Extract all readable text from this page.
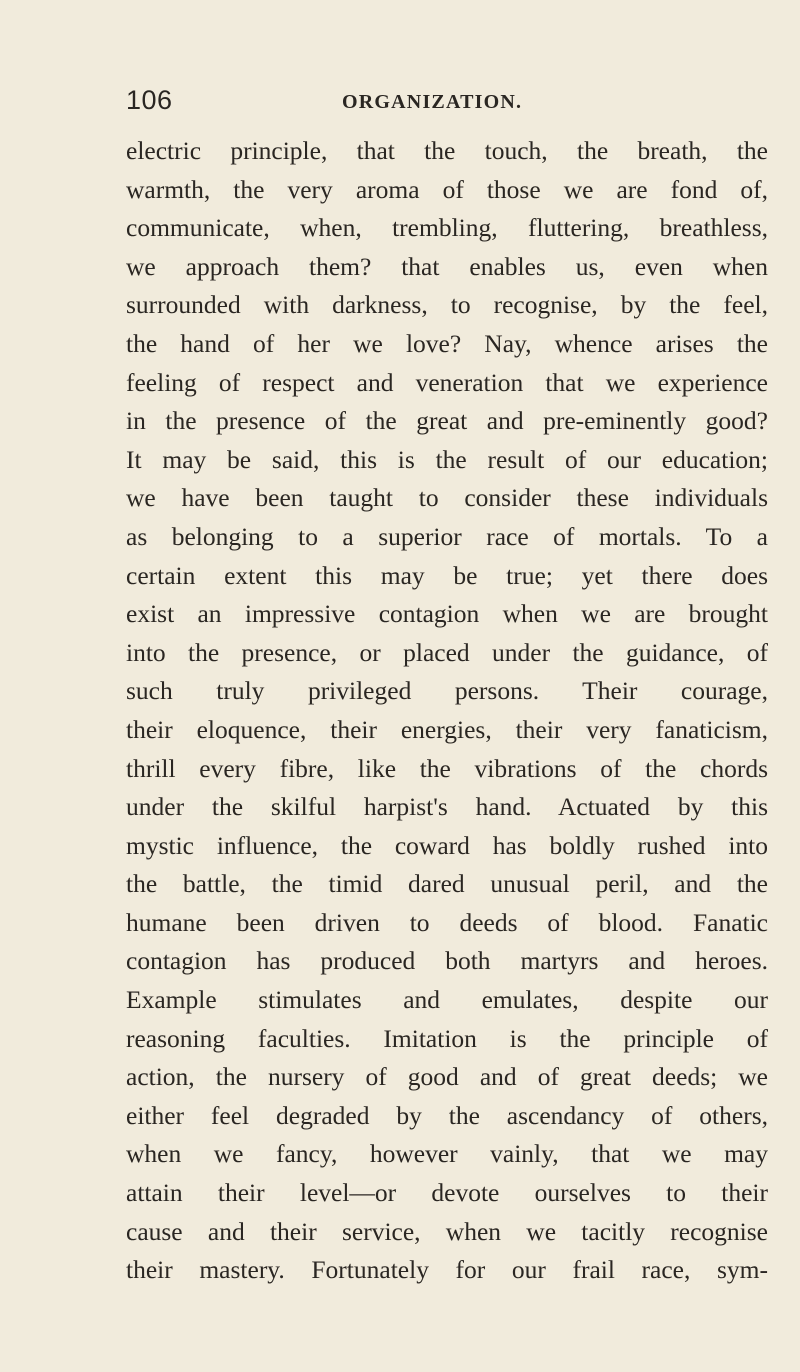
106	ORGANIZATION.
electric principle, that the touch, the breath, the
warmth, the very aroma of those we are fond of,
communicate, when, trembling, fluttering, breathless,
we approach them? that enables us, even when
surrounded with darkness, to recognise, by the feel,
the hand of her we love? Nay, whence arises the
feeling of respect and veneration that we experience
in the presence of the great and pre-eminently good?
It may be said, this is the result of our education;
we have been taught to consider these individuals
as belonging to a superior race of mortals. To a
certain extent this may be true; yet there does
exist an impressive contagion when we are brought
into the presence, or placed under the guidance, of
such truly privileged persons. Their courage,
their eloquence, their energies, their very fanaticism,
thrill every fibre, like the vibrations of the chords
under the skilful harpist's hand. Actuated by this
mystic influence, the coward has boldly rushed into
the battle, the timid dared unusual peril, and the
humane been driven to deeds of blood. Fanatic
contagion has produced both martyrs and heroes.
Example stimulates and emulates, despite our
reasoning faculties. Imitation is the principle of
action, the nursery of good and of great deeds; we
either feel degraded by the ascendancy of others,
when we fancy, however vainly, that we may
attain their level—or devote ourselves to their
cause and their service, when we tacitly recognise
their mastery. Fortunately for our frail race, sym-
